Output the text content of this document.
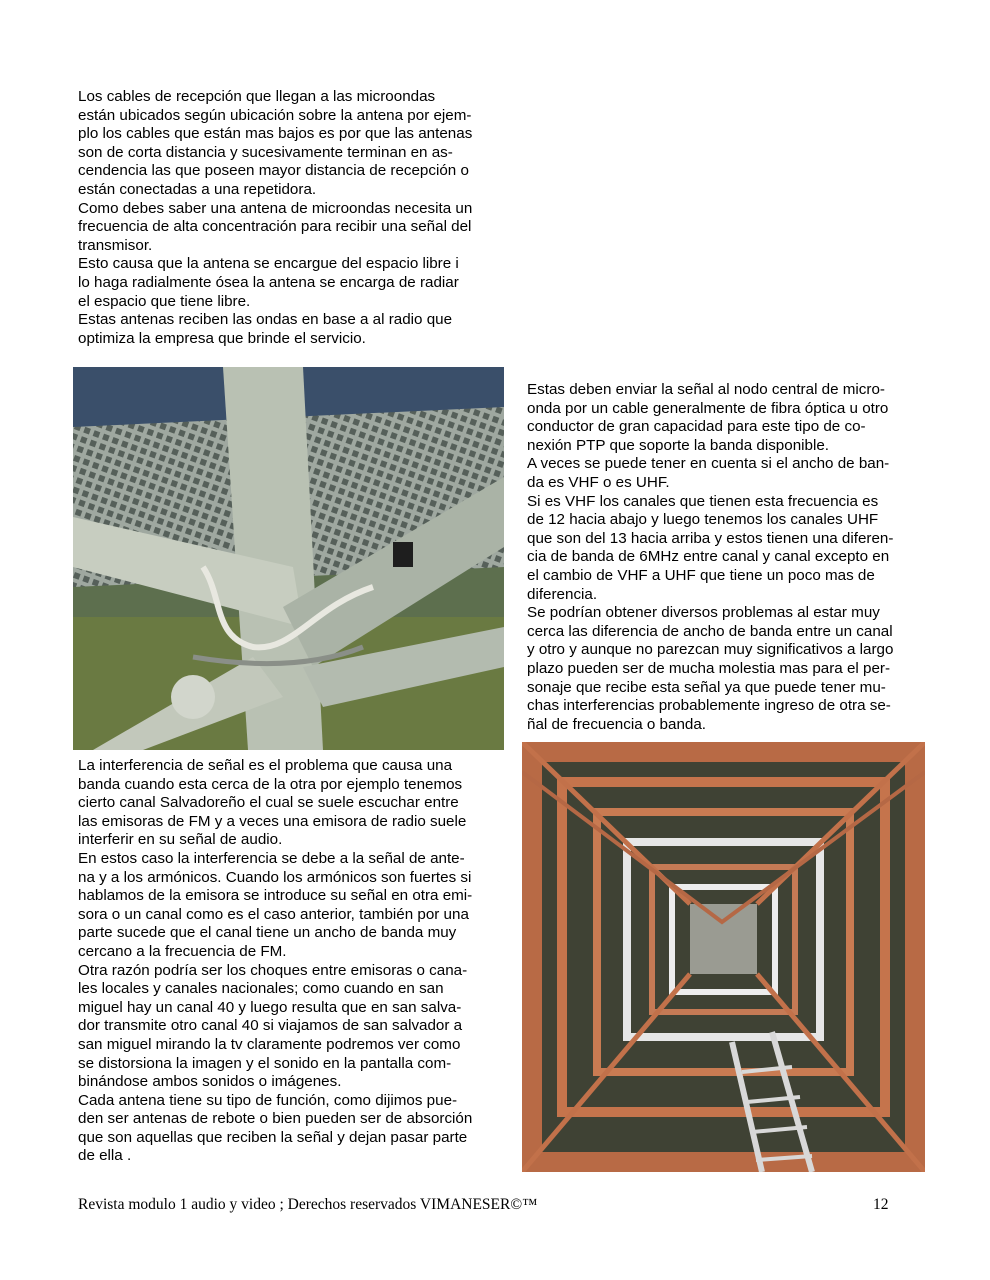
Los cables de recepción que llegan a las microondas
están ubicados según ubicación sobre la antena por ejem-
plo los cables que están mas bajos es por que las antenas
son de corta distancia y sucesivamente terminan en as-
cendencia las que poseen mayor distancia de recepción o
están conectadas a una repetidora.
Como debes saber una antena de microondas necesita un
frecuencia de alta concentración para recibir una señal del
transmisor.
Esto causa que la antena se encargue del espacio libre i
lo haga radialmente ósea la antena se encarga de radiar
el espacio que tiene libre.
Estas antenas reciben las ondas en base a al radio que
optimiza la empresa que brinde el servicio.
Estas deben enviar la señal al nodo central de micro-
onda por un cable generalmente de fibra óptica u otro
conductor de gran capacidad para este tipo de co-
nexión PTP que soporte la banda disponible.
A veces se puede tener en cuenta si el ancho de ban-
da es VHF o es UHF.
Si es VHF los canales que tienen esta frecuencia es
de 12 hacia abajo y luego tenemos los canales UHF
que son del 13 hacia arriba y estos tienen una diferen-
cia de banda de 6MHz entre canal y canal excepto en
el cambio de VHF a UHF que tiene un poco mas de
diferencia.
Se podrían obtener diversos problemas al estar muy
cerca las diferencia de ancho de banda entre un canal
y otro y aunque no parezcan muy significativos a largo
plazo pueden ser de mucha molestia mas para el per-
sonaje que recibe esta señal ya que puede tener mu-
chas interferencias probablemente ingreso de otra se-
ñal de frecuencia o banda.
La interferencia de señal es el problema que causa una
banda cuando esta cerca de la otra por ejemplo tenemos
cierto canal Salvadoreño el cual se suele escuchar entre
las emisoras de FM y a veces una emisora de radio suele
interferir en su señal de audio.
En estos caso la interferencia se debe a la señal de ante-
na y a los armónicos. Cuando los armónicos son fuertes si
hablamos de la emisora se introduce su señal en otra emi-
sora o un canal como es el caso anterior, también por una
parte sucede que el canal tiene un ancho de banda muy
cercano a la frecuencia de FM.
Otra razón podría ser los choques entre emisoras o cana-
les locales y canales nacionales; como cuando en san
miguel hay un canal 40 y luego resulta que en san salva-
dor transmite otro canal 40 si viajamos de san salvador a
san miguel mirando la tv claramente podremos ver como
se distorsiona la imagen y el sonido en la pantalla com-
binándose ambos sonidos o imágenes.
Cada antena tiene su tipo de función, como dijimos pue-
den ser antenas de rebote o bien pueden ser de absorción
que son aquellas que reciben la señal y dejan pasar parte
de ella .
Revista modulo 1 audio y video ; Derechos reservados VIMANESER©™	12
